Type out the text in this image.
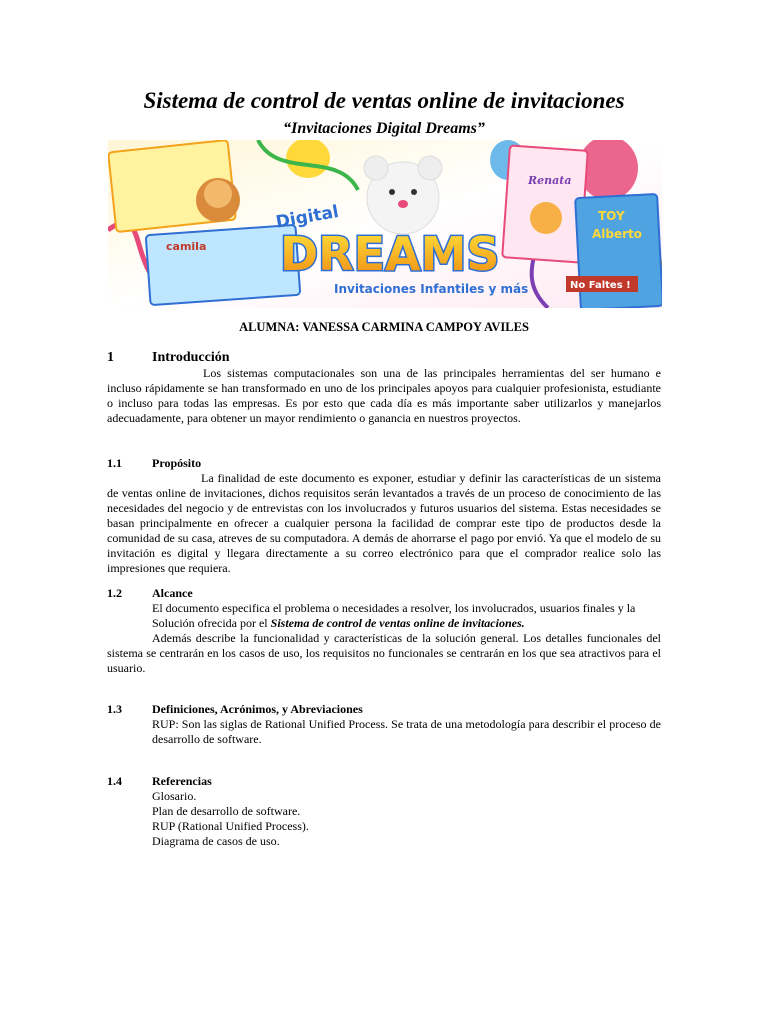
Sistema de control de ventas online de invitaciones
“Invitaciones Digital Dreams”
camila
Digital
DREAMS
Invitaciones Infantiles y más
Renata
TOY
Alberto
No Faltes !
ALUMNA: VANESSA CARMINA CAMPOY AVILES
1	Introducción

Los sistemas computacionales son una de las principales herramientas del ser humano e incluso rápidamente se han transformado en uno de los principales apoyos para cualquier profesionista, estudiante o incluso para todas las empresas. Es por esto que cada día es más importante saber utilizarlos y manejarlos adecuadamente, para obtener un mayor rendimiento o ganancia en nuestros proyectos.

1.1	Propósito

La finalidad de este documento es exponer, estudiar y definir las características de un sistema de ventas online de invitaciones, dichos requisitos serán levantados a través de un proceso de conocimiento de las necesidades del negocio y de entrevistas con los involucrados y futuros usuarios del sistema. Estas necesidades se basan principalmente en ofrecer a cualquier persona la facilidad de comprar este tipo de productos desde la comunidad de su casa, atreves de su computadora. A demás de ahorrarse el pago por envió. Ya que el modelo de su invitación es digital y llegara directamente a su correo electrónico para que el comprador realice solo las impresiones que requiera.

1.2	Alcance
El documento especifica el problema o necesidades a resolver, los involucrados, usuarios finales y la
Solución ofrecida por el Sistema de control de ventas online de invitaciones.

Además describe la funcionalidad y características de la solución general. Los detalles funcionales del sistema se centrarán en los casos de uso, los requisitos no funcionales se centrarán en los que sea atractivos para el usuario.

1.3	Definiciones, Acrónimos, y Abreviaciones

RUP: Son las siglas de Rational Unified Process. Se trata de una metodología para describir el proceso de desarrollo de software.

1.4	Referencias
Glosario.
Plan de desarrollo de software.
RUP (Rational Unified Process).
Diagrama de casos de uso.
